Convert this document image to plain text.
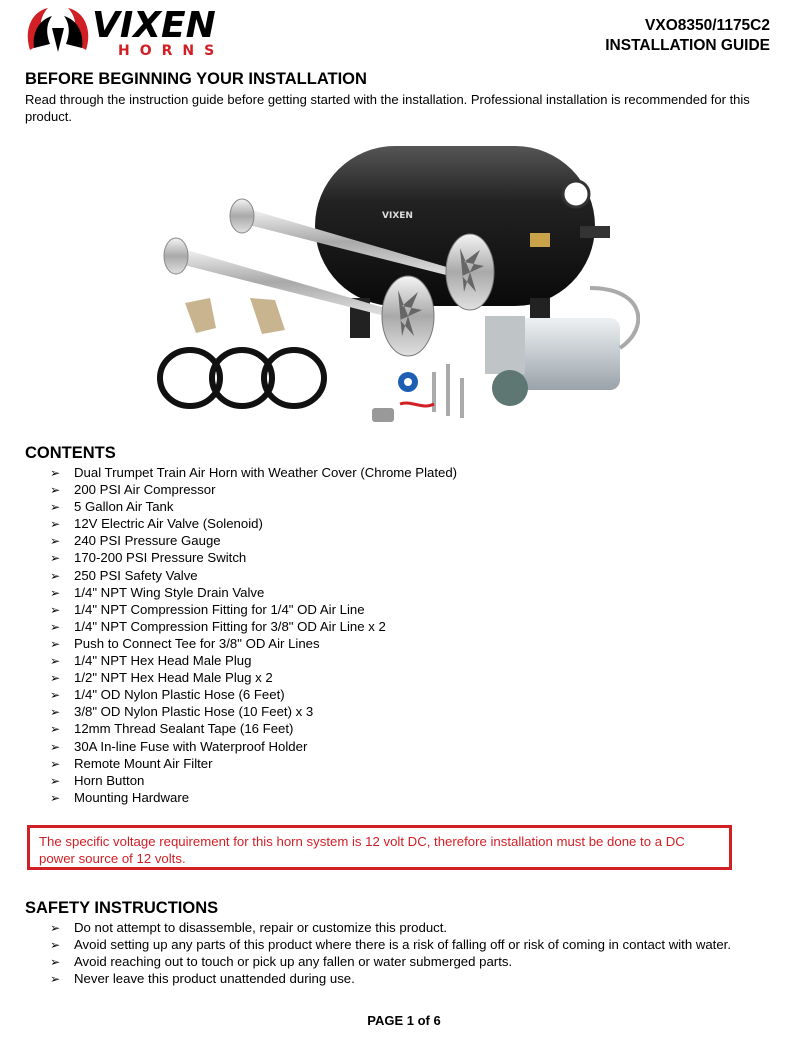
VIXEN
HORNS
VXO8350/1175C2
INSTALLATION GUIDE
BEFORE BEGINNING YOUR INSTALLATION
Read through the instruction guide before getting started with the installation. Professional installation is recommended for this product.
VIXEN
CONTENTS
➢ Dual Trumpet Train Air Horn with Weather Cover (Chrome Plated)
➢ 200 PSI Air Compressor
➢ 5 Gallon Air Tank
➢ 12V Electric Air Valve (Solenoid)
➢ 240 PSI Pressure Gauge
➢ 170-200 PSI Pressure Switch
➢ 250 PSI Safety Valve
➢ 1/4" NPT Wing Style Drain Valve
➢ 1/4" NPT Compression Fitting for 1/4" OD Air Line
➢ 1/4" NPT Compression Fitting for 3/8" OD Air Line x 2
➢ Push to Connect Tee for 3/8" OD Air Lines
➢ 1/4" NPT Hex Head Male Plug
➢ 1/2" NPT Hex Head Male Plug x 2
➢ 1/4" OD Nylon Plastic Hose (6 Feet)
➢ 3/8" OD Nylon Plastic Hose (10 Feet) x 3
➢ 12mm Thread Sealant Tape (16 Feet)
➢ 30A In-line Fuse with Waterproof Holder
➢ Remote Mount Air Filter
➢ Horn Button
➢ Mounting Hardware
The specific voltage requirement for this horn system is 12 volt DC, therefore installation must be done to a DC power source of 12 volts.
SAFETY INSTRUCTIONS
➢ Do not attempt to disassemble, repair or customize this product.
➢ Avoid setting up any parts of this product where there is a risk of falling off or risk of coming in contact with water.
➢ Avoid reaching out to touch or pick up any fallen or water submerged parts.
➢ Never leave this product unattended during use.
PAGE 1 of 6
